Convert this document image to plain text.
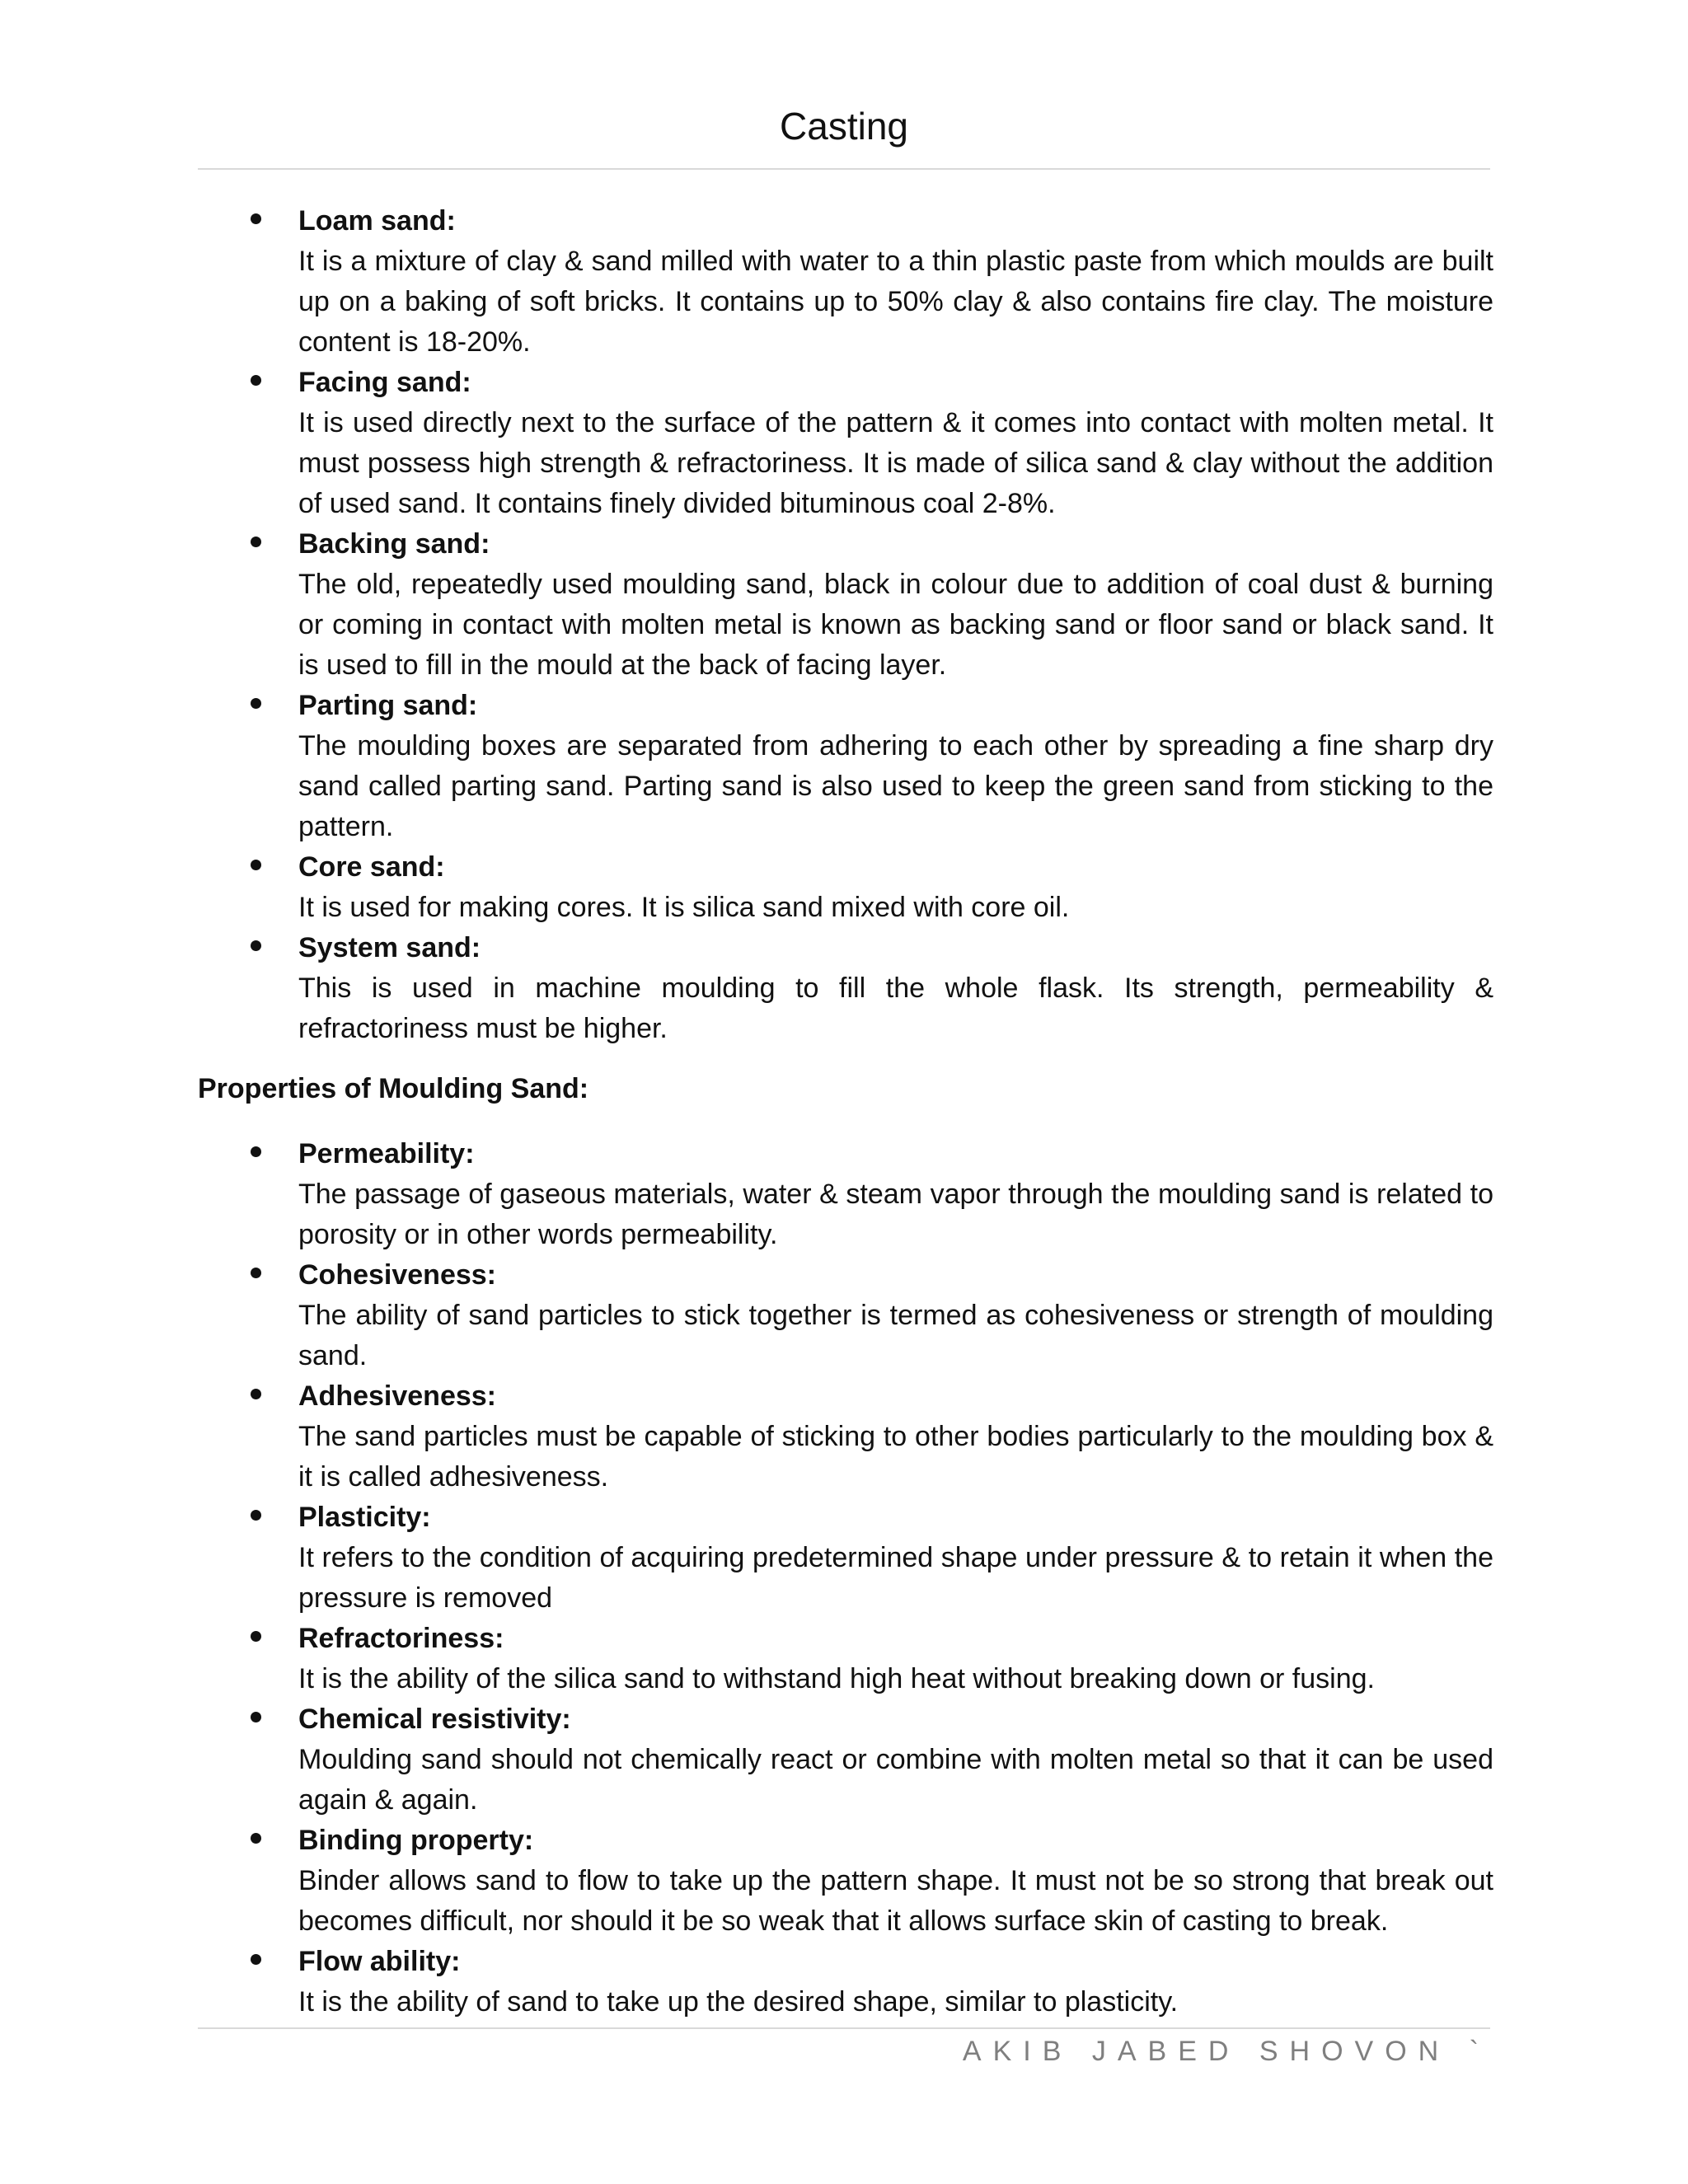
Casting
Loam sand:
It is a mixture of clay & sand milled with water to a thin plastic paste from which moulds are built up on a baking of soft bricks. It contains up to 50% clay & also contains fire clay. The moisture content is 18-20%.
Facing sand:
It is used directly next to the surface of the pattern & it comes into contact with molten metal. It must possess high strength & refractoriness. It is made of silica sand & clay without the addition of used sand. It contains finely divided bituminous coal 2-8%.
Backing sand:
The old, repeatedly used moulding sand, black in colour due to addition of coal dust & burning or coming in contact with molten metal is known as backing sand or floor sand or black sand. It is used to fill in the mould at the back of facing layer.
Parting sand:
The moulding boxes are separated from adhering to each other by spreading a fine sharp dry sand called parting sand. Parting sand is also used to keep the green sand from sticking to the pattern.
Core sand:
It is used for making cores. It is silica sand mixed with core oil.
System sand:
This is used in machine moulding to fill the whole flask. Its strength, permeability & refractoriness must be higher.
Properties of Moulding Sand:
Permeability:
The passage of gaseous materials, water & steam vapor through the moulding sand is related to porosity or in other words permeability.
Cohesiveness:
The ability of sand particles to stick together is termed as cohesiveness or strength of moulding sand.
Adhesiveness:
The sand particles must be capable of sticking to other bodies particularly to the moulding box & it is called adhesiveness.
Plasticity:
It refers to the condition of acquiring predetermined shape under pressure & to retain it when the pressure is removed
Refractoriness:
It is the ability of the silica sand to withstand high heat without breaking down or fusing.
Chemical resistivity:
Moulding sand should not chemically react or combine with molten metal so that it can be used again & again.
Binding property:
Binder allows sand to flow to take up the pattern shape. It must not be so strong that break out becomes difficult, nor should it be so weak that it allows surface skin of casting to break.
Flow ability:
It is the ability of sand to take up the desired shape, similar to plasticity.
AKIB JABED SHOVON `
